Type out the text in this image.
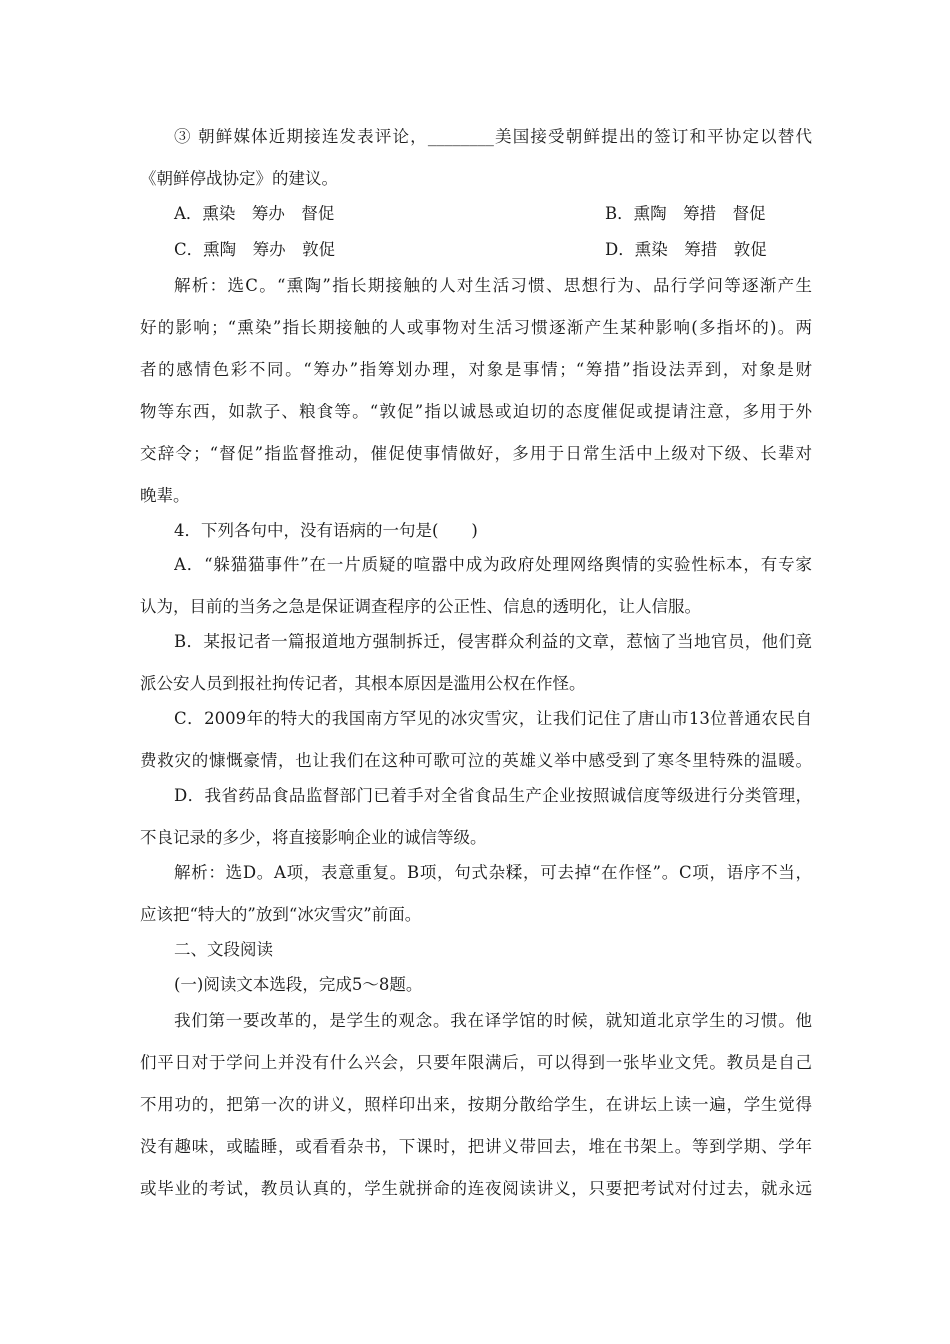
③ 朝鲜媒体近期接连发表评论，________美国接受朝鲜提出的签订和平协定以替代
《朝鲜停战协定》的建议。
A．熏染　筹办　督促	B．熏陶　筹措　督促
C．熏陶　筹办　敦促	D．熏染　筹措　敦促
解析：选C。“熏陶”指长期接触的人对生活习惯、思想行为、品行学问等逐渐产生
好的影响；“熏染”指长期接触的人或事物对生活习惯逐渐产生某种影响(多指坏的)。两
者的感情色彩不同。“筹办”指筹划办理，对象是事情；“筹措”指设法弄到，对象是财
物等东西，如款子、粮食等。“敦促”指以诚恳或迫切的态度催促或提请注意，多用于外
交辞令；“督促”指监督推动，催促使事情做好，多用于日常生活中上级对下级、长辈对
晚辈。
4．下列各句中，没有语病的一句是(　　)
A．“躲猫猫事件”在一片质疑的喧嚣中成为政府处理网络舆情的实验性标本，有专家
认为，目前的当务之急是保证调查程序的公正性、信息的透明化，让人信服。
B．某报记者一篇报道地方强制拆迁，侵害群众利益的文章，惹恼了当地官员，他们竟
派公安人员到报社拘传记者，其根本原因是滥用公权在作怪。
C．2009年的特大的我国南方罕见的冰灾雪灾，让我们记住了唐山市13位普通农民自
费救灾的慷慨豪情，也让我们在这种可歌可泣的英雄义举中感受到了寒冬里特殊的温暖。
D．我省药品食品监督部门已着手对全省食品生产企业按照诚信度等级进行分类管理，
不良记录的多少，将直接影响企业的诚信等级。
解析：选D。A项，表意重复。B项，句式杂糅，可去掉“在作怪”。C项，语序不当，
应该把“特大的”放到“冰灾雪灾”前面。
二、文段阅读
(一)阅读文本选段，完成5～8题。
我们第一要改革的，是学生的观念。我在译学馆的时候，就知道北京学生的习惯。他
们平日对于学问上并没有什么兴会，只要年限满后，可以得到一张毕业文凭。教员是自己
不用功的，把第一次的讲义，照样印出来，按期分散给学生，在讲坛上读一遍，学生觉得
没有趣味，或瞌睡，或看看杂书，下课时，把讲义带回去，堆在书架上。等到学期、学年
或毕业的考试，教员认真的，学生就拼命的连夜阅读讲义，只要把考试对付过去，就永远
